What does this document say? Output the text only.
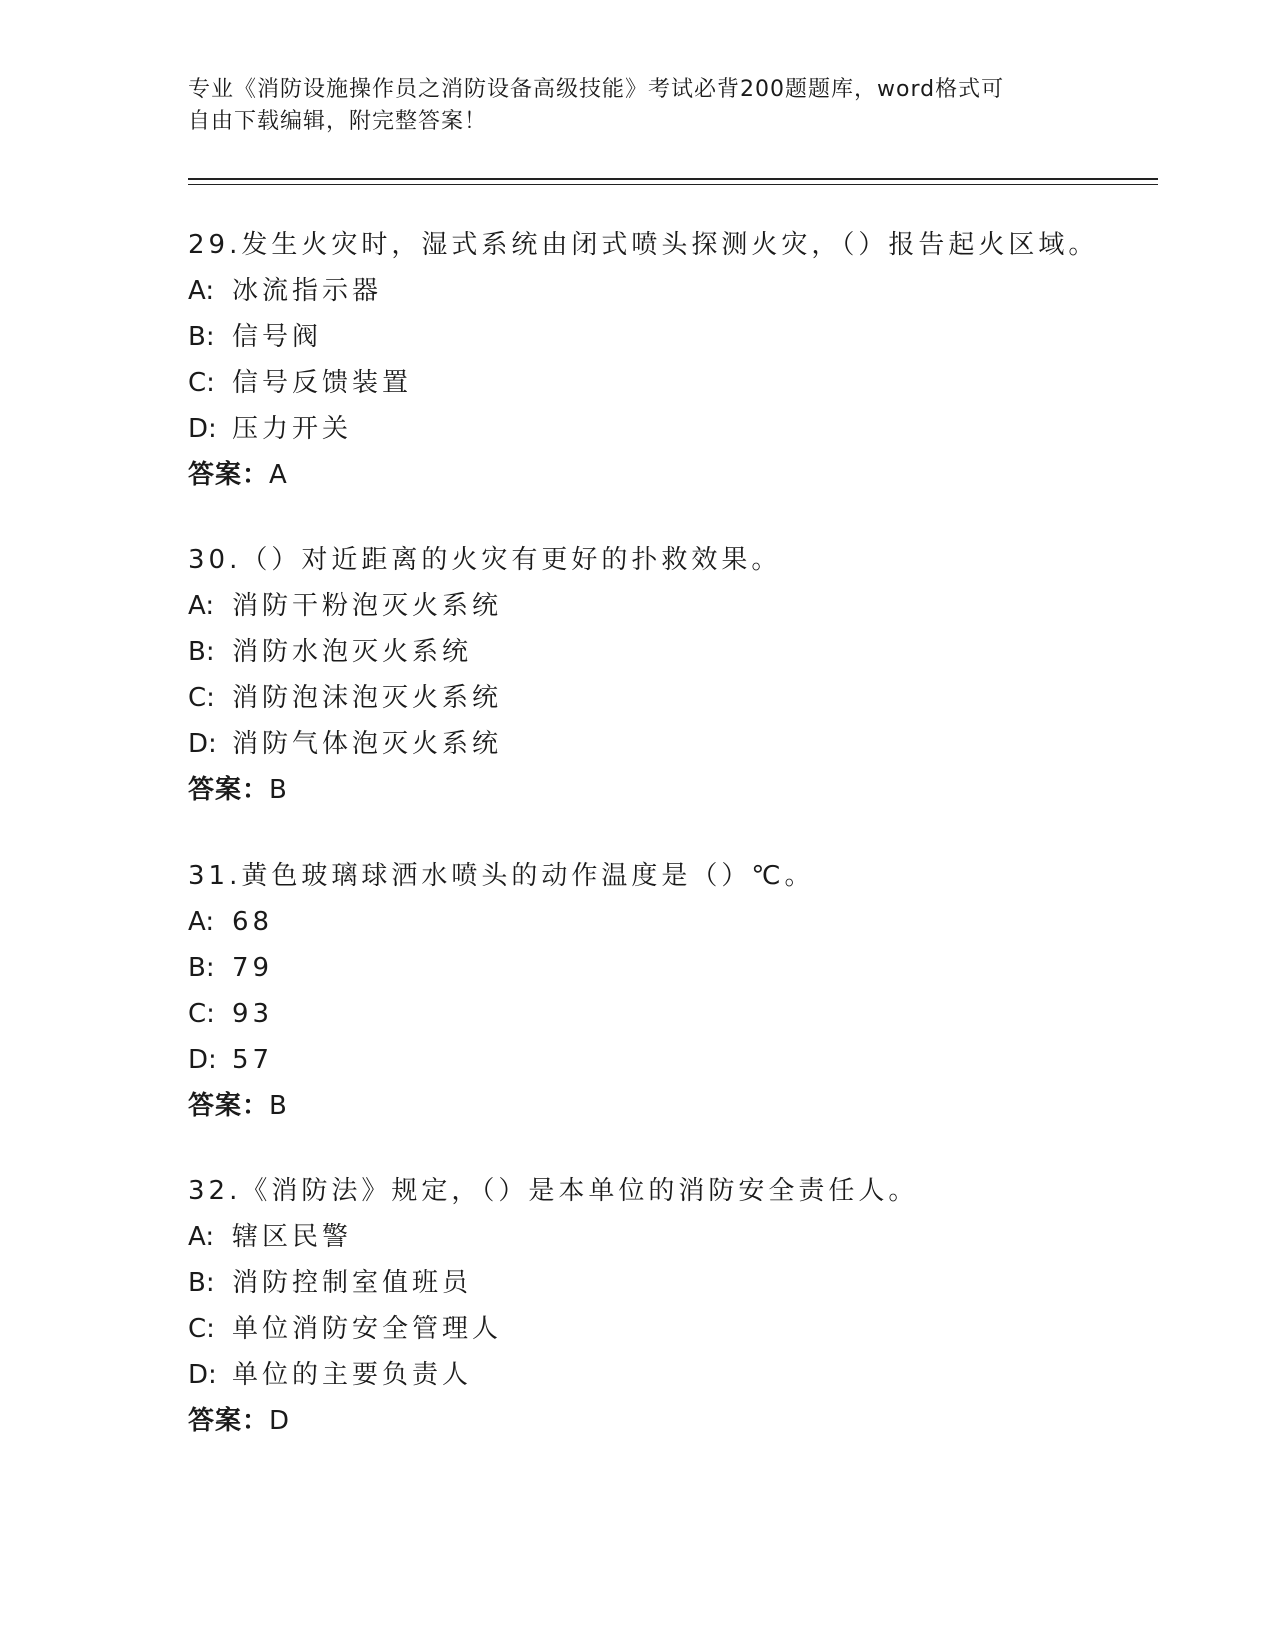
专业《消防设施操作员之消防设备高级技能》考试必背200题题库，word格式可
自由下载编辑，附完整答案！
29.发生火灾时，湿式系统由闭式喷头探测火灾，（）报告起火区域。
A: 冰流指示器
B: 信号阀
C: 信号反馈装置
D: 压力开关
答案：A
30.（）对近距离的火灾有更好的扑救效果。
A: 消防干粉泡灭火系统
B: 消防水泡灭火系统
C: 消防泡沫泡灭火系统
D: 消防气体泡灭火系统
答案：B
31.黄色玻璃球洒水喷头的动作温度是（）℃。
A: 68
B: 79
C: 93
D: 57
答案：B
32.《消防法》规定，（）是本单位的消防安全责任人。
A: 辖区民警
B: 消防控制室值班员
C: 单位消防安全管理人
D: 单位的主要负责人
答案：D
